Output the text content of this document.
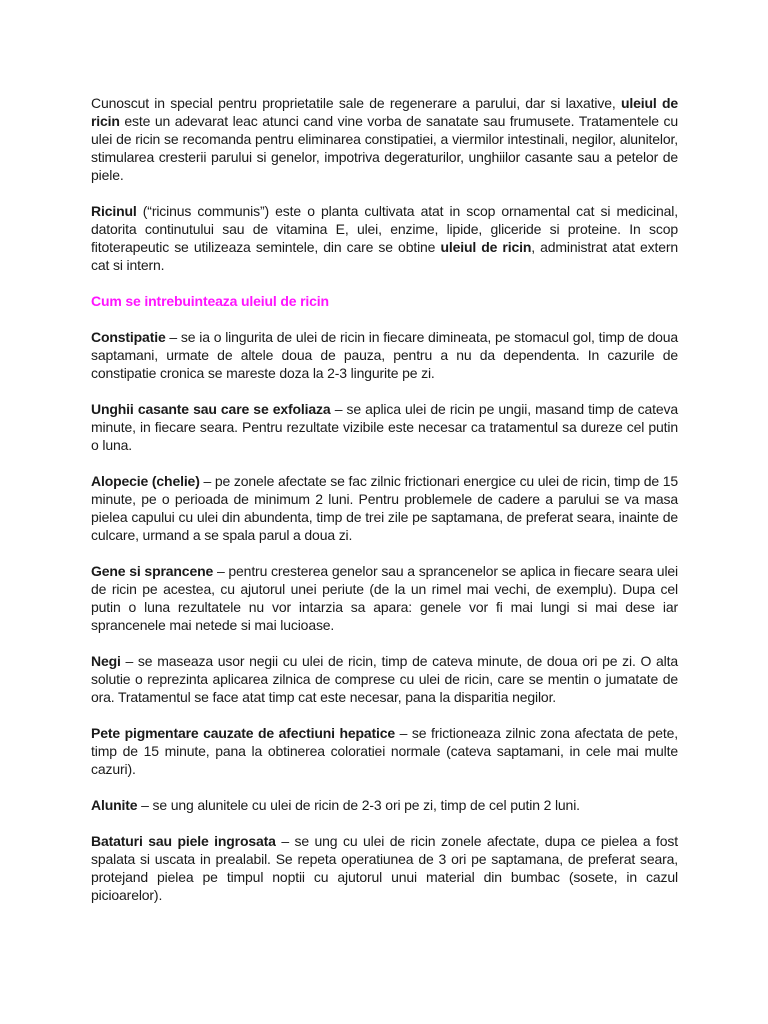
Cunoscut in special pentru proprietatile sale de regenerare a parului, dar si laxative, uleiul de ricin este un adevarat leac atunci cand vine vorba de sanatate sau frumusete. Tratamentele cu ulei de ricin se recomanda pentru eliminarea constipatiei, a viermilor intestinali, negilor, alunitelor, stimularea cresterii parului si genelor, impotriva degeraturilor, unghiilor casante sau a petelor de piele.

Ricinul (“ricinus communis”) este o planta cultivata atat in scop ornamental cat si medicinal, datorita continutului sau de vitamina E, ulei, enzime, lipide, gliceride si proteine. In scop fitoterapeutic se utilizeaza semintele, din care se obtine uleiul de ricin, administrat atat extern cat si intern.

Cum se intrebuinteaza uleiul de ricin

Constipatie – se ia o lingurita de ulei de ricin in fiecare dimineata, pe stomacul gol, timp de doua saptamani, urmate de altele doua de pauza, pentru a nu da dependenta. In cazurile de constipatie cronica se mareste doza la 2-3 lingurite pe zi.

Unghii casante sau care se exfoliaza – se aplica ulei de ricin pe ungii, masand timp de cateva minute, in fiecare seara. Pentru rezultate vizibile este necesar ca tratamentul sa dureze cel putin o luna.

Alopecie (chelie) – pe zonele afectate se fac zilnic frictionari energice cu ulei de ricin, timp de 15 minute, pe o perioada de minimum 2 luni. Pentru problemele de cadere a parului se va masa pielea capului cu ulei din abundenta, timp de trei zile pe saptamana, de preferat seara, inainte de culcare, urmand a se spala parul a doua zi.

Gene si sprancene – pentru cresterea genelor sau a sprancenelor se aplica in fiecare seara ulei de ricin pe acestea, cu ajutorul unei periute (de la un rimel mai vechi, de exemplu). Dupa cel putin o luna rezultatele nu vor intarzia sa apara: genele vor fi mai lungi si mai dese iar sprancenele mai netede si mai lucioase.

Negi – se maseaza usor negii cu ulei de ricin, timp de cateva minute, de doua ori pe zi. O alta solutie o reprezinta aplicarea zilnica de comprese cu ulei de ricin, care se mentin o jumatate de ora. Tratamentul se face atat timp cat este necesar, pana la disparitia negilor.

Pete pigmentare cauzate de afectiuni hepatice – se frictioneaza zilnic zona afectata de pete, timp de 15 minute, pana la obtinerea coloratiei normale (cateva saptamani, in cele mai multe cazuri).

Alunite – se ung alunitele cu ulei de ricin de 2-3 ori pe zi, timp de cel putin 2 luni.

Bataturi sau piele ingrosata – se ung cu ulei de ricin zonele afectate, dupa ce pielea a fost spalata si uscata in prealabil. Se repeta operatiunea de 3 ori pe saptamana, de preferat seara, protejand pielea pe timpul noptii cu ajutorul unui material din bumbac (sosete, in cazul picioarelor).
